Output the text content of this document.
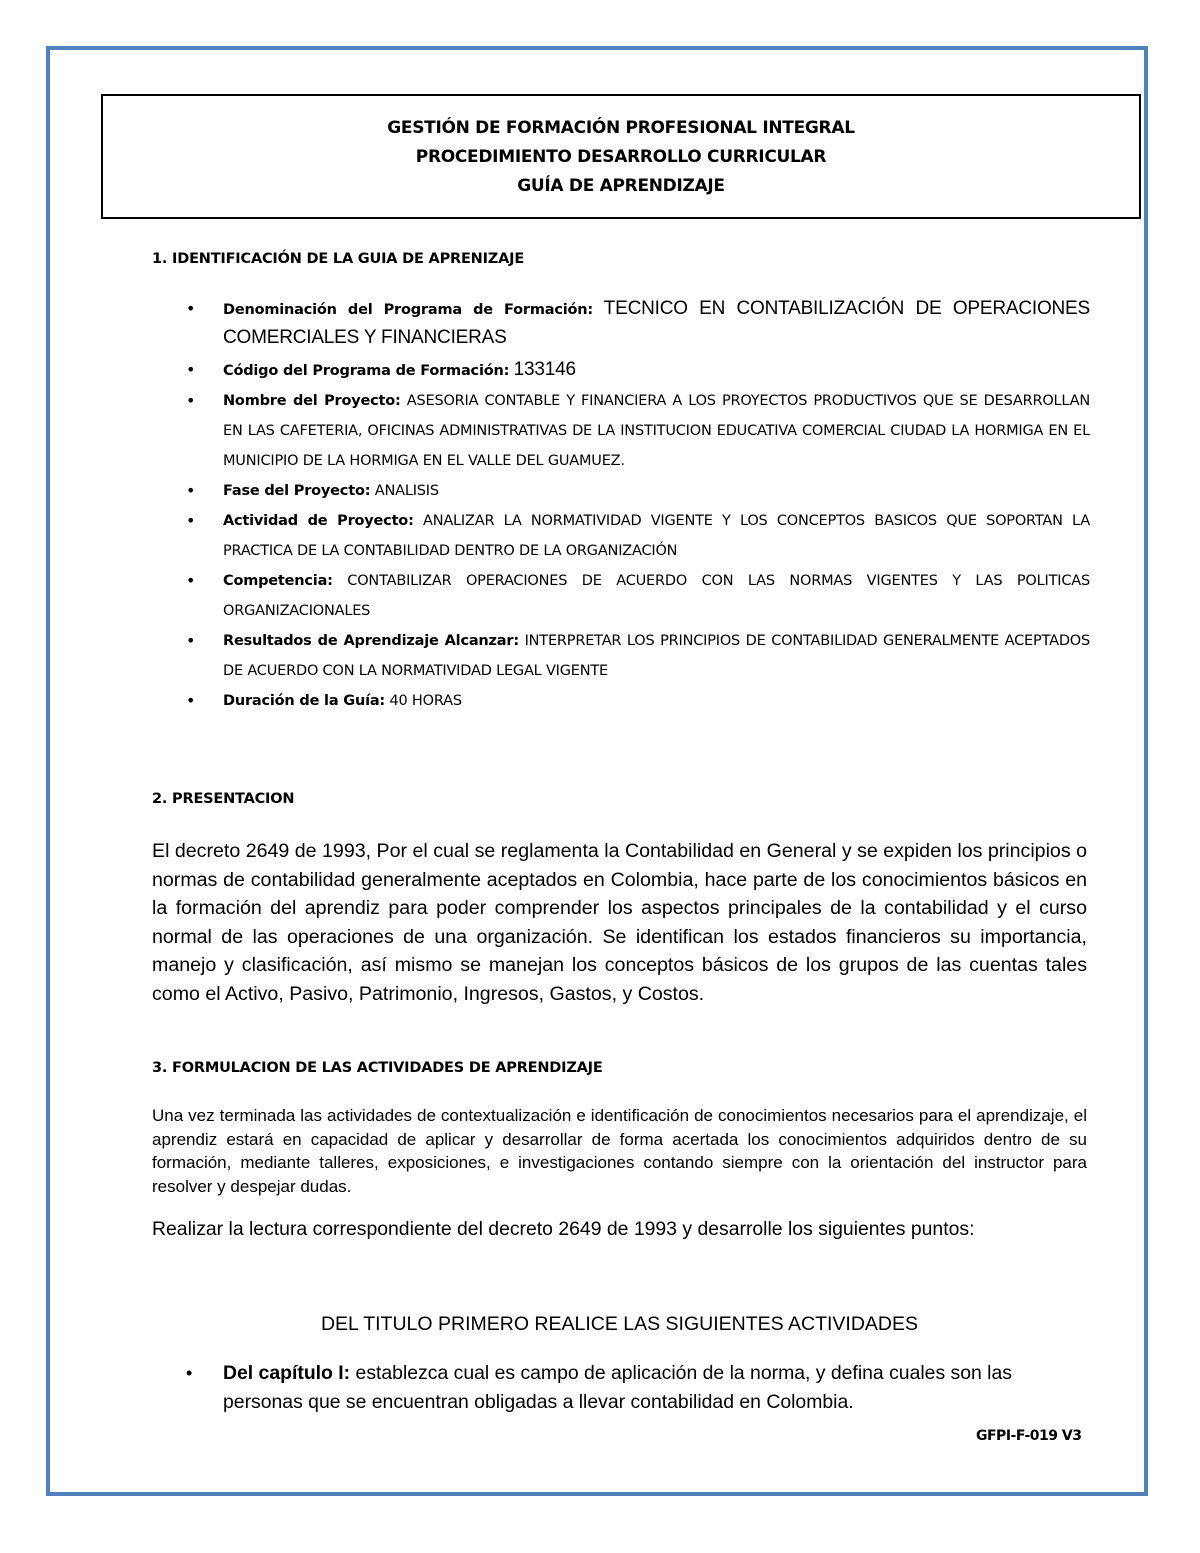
GESTIÓN DE FORMACIÓN PROFESIONAL INTEGRAL
PROCEDIMIENTO DESARROLLO CURRICULAR
GUÍA DE APRENDIZAJE
1. IDENTIFICACIÓN DE LA GUIA DE APRENIZAJE
• Denominación del Programa de Formación: TECNICO EN CONTABILIZACIÓN DE OPERACIONES COMERCIALES Y FINANCIERAS
• Código del Programa de Formación: 133146
• Nombre del Proyecto: ASESORIA CONTABLE Y FINANCIERA A LOS PROYECTOS PRODUCTIVOS QUE SE DESARROLLAN EN LAS CAFETERIA, OFICINAS ADMINISTRATIVAS DE LA INSTITUCION EDUCATIVA COMERCIAL CIUDAD LA HORMIGA EN EL MUNICIPIO DE LA HORMIGA EN EL VALLE DEL GUAMUEZ.
• Fase del Proyecto: ANALISIS
• Actividad de Proyecto: ANALIZAR LA NORMATIVIDAD VIGENTE Y LOS CONCEPTOS BASICOS QUE SOPORTAN LA PRACTICA DE LA CONTABILIDAD DENTRO DE LA ORGANIZACIÓN
• Competencia: CONTABILIZAR OPERACIONES DE ACUERDO CON LAS NORMAS VIGENTES Y LAS POLITICAS ORGANIZACIONALES
• Resultados de Aprendizaje Alcanzar: INTERPRETAR LOS PRINCIPIOS DE CONTABILIDAD GENERALMENTE ACEPTADOS DE ACUERDO CON LA NORMATIVIDAD LEGAL VIGENTE
• Duración de la Guía: 40 HORAS
2. PRESENTACION

El decreto 2649 de 1993, Por el cual se reglamenta la Contabilidad en General y se expiden los principios o normas de contabilidad generalmente aceptados en Colombia, hace parte de los conocimientos básicos en la formación del aprendiz para poder comprender los aspectos principales de la contabilidad y el curso normal de las operaciones de una organización. Se identifican los estados financieros su importancia, manejo y clasificación, así mismo se manejan los conceptos básicos de los grupos de las cuentas tales como el Activo, Pasivo, Patrimonio, Ingresos, Gastos, y Costos.

3. FORMULACION DE LAS ACTIVIDADES DE APRENDIZAJE

Una vez terminada las actividades de contextualización e identificación de conocimientos necesarios para el aprendizaje, el aprendiz estará en capacidad de aplicar y desarrollar de forma acertada los conocimientos adquiridos dentro de su formación, mediante talleres, exposiciones, e investigaciones contando siempre con la orientación del instructor para resolver y despejar dudas.

Realizar la lectura correspondiente del decreto 2649 de 1993 y desarrolle los siguientes puntos:

DEL TITULO PRIMERO REALICE LAS SIGUIENTES ACTIVIDADES

• Del capítulo I: establezca cual es campo de aplicación de la norma, y defina cuales son las personas que se encuentran obligadas a llevar contabilidad en Colombia.
GFPI-F-019 V3
